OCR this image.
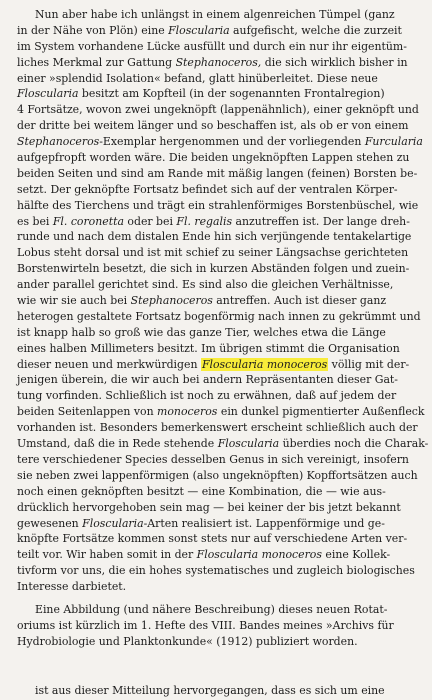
Nun aber habe ich unlängst in einem algenreichen Tümpel (ganz
in der Nähe von Plön) eine Floscularia aufgefischt, welche die zurzeit
im System vorhandene Lücke ausfüllt und durch ein nur ihr eigentüm-
liches Merkmal zur Gattung Stephanoceros, die sich wirklich bisher in
einer »splendid Isolation« befand, glatt hinüberleitet. Diese neue
Floscularia besitzt am Kopfteil (in der sogenannten Frontalregion)
4 Fortsätze, wovon zwei ungeknöpft (lappenähnlich), einer geknöpft und
der dritte bei weitem länger und so beschaffen ist, als ob er von einem
Stephanoceros-Exemplar hergenommen und der vorliegenden Furcularia
aufgepfropft worden wäre. Die beiden ungeknöpften Lappen stehen zu
beiden Seiten und sind am Rande mit mäßig langen (feinen) Borsten be-
setzt. Der geknöpfte Fortsatz befindet sich auf der ventralen Körper-
hälfte des Tierchens und trägt ein strahlenförmiges Borstenbüschel, wie
es bei Fl. coronetta oder bei Fl. regalis anzutreffen ist. Der lange dreh-
runde und nach dem distalen Ende hin sich verjüngende tentakelartige
Lobus steht dorsal und ist mit schief zu seiner Längsachse gerichteten
Borstenwirteln besetzt, die sich in kurzen Abständen folgen und zuein-
ander parallel gerichtet sind. Es sind also die gleichen Verhältnisse,
wie wir sie auch bei Stephanoceros antreffen. Auch ist dieser ganz
heterogen gestaltete Fortsatz bogenförmig nach innen zu gekrümmt und
ist knapp halb so groß wie das ganze Tier, welches etwa die Länge
eines halben Millimeters besitzt. Im übrigen stimmt die Organisation
dieser neuen und merkwürdigen Floscularia monoceros völlig mit der-
jenigen überein, die wir auch bei andern Repräsentanten dieser Gat-
tung vorfinden. Schließlich ist noch zu erwähnen, daß auf jedem der
beiden Seitenlappen von monoceros ein dunkel pigmentierter Außenfleck
vorhanden ist. Besonders bemerkenswert erscheint schließlich auch der
Umstand, daß die in Rede stehende Floscularia überdies noch die Charak-
tere verschiedener Species desselben Genus in sich vereinigt, insofern
sie neben zwei lappenförmigen (also ungeknöpften) Kopffortsätzen auch
noch einen geknöpften besitzt — eine Kombination, die — wie aus-
drücklich hervorgehoben sein mag — bei keiner der bis jetzt bekannt
gewesenen Floscularia-Arten realisiert ist. Lappenförmige und ge-
knöpfte Fortsätze kommen sonst stets nur auf verschiedene Arten ver-
teilt vor. Wir haben somit in der Floscularia monoceros eine Kollek-
tivform vor uns, die ein hohes systematisches und zugleich biologisches
Interesse darbietet.
Eine Abbildung (und nähere Beschreibung) dieses neuen Rotat-
oriums ist kürzlich im 1. Hefte des VIII. Bandes meines »Archivs für
Hydrobiologie und Planktonkunde« (1912) publiziert worden.
ist aus dieser Mitteilung hervorgegangen, dass es sich um eine
